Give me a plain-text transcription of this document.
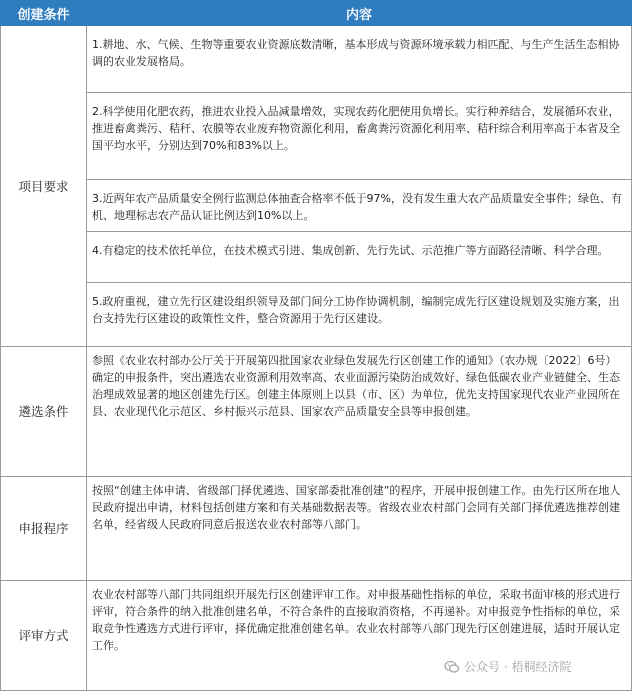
创建条件	内容
项目要求	1.耕地、水、气候、生物等重要农业资源底数清晰，基本形成与资源环境承载力相匹配、与生产生活生态相协调的农业发展格局。
	2.科学使用化肥农药，推进农业投入品减量增效，实现农药化肥使用负增长。实行种养结合，发展循环农业，推进畜禽粪污、秸秆、农膜等农业废弃物资源化利用，畜禽粪污资源化利用率、秸秆综合利用率高于本省及全国平均水平，分别达到70%和83%以上。
	3.近两年农产品质量安全例行监测总体抽查合格率不低于97%，没有发生重大农产品质量安全事件；绿色、有机、地理标志农产品认证比例达到10%以上。
	4.有稳定的技术依托单位，在技术模式引进、集成创新、先行先试、示范推广等方面路径清晰、科学合理。
	5.政府重视，建立先行区建设组织领导及部门间分工协作协调机制，编制完成先行区建设规划及实施方案，出台支持先行区建设的政策性文件，整合资源用于先行区建设。
遴选条件	参照《农业农村部办公厅关于开展第四批国家农业绿色发展先行区创建工作的通知》（农办规〔2022〕6号）确定的申报条件，突出遴选农业资源利用效率高、农业面源污染防治成效好、绿色低碳农业产业链健全、生态治理成效显著的地区创建先行区。创建主体原则上以县（市、区）为单位，优先支持国家现代农业产业园所在县、农业现代化示范区、乡村振兴示范县、国家农产品质量安全县等申报创建。
申报程序	按照“创建主体申请、省级部门择优遴选、国家部委批准创建”的程序，开展申报创建工作。由先行区所在地人民政府提出申请，材料包括创建方案和有关基础数据表等。省级农业农村部门会同有关部门择优遴选推荐创建名单，经省级人民政府同意后报送农业农村部等八部门。
评审方式	农业农村部等八部门共同组织开展先行区创建评审工作。对申报基础性指标的单位，采取书面审核的形式进行评审，符合条件的纳入批准创建名单，不符合条件的直接取消资格，不再递补。对申报竞争性指标的单位，采取竞争性遴选方式进行评审，择优确定批准创建名单。农业农村部等八部门现先行区创建进展，适时开展认定工作。
公众号 · 梧桐经济院
